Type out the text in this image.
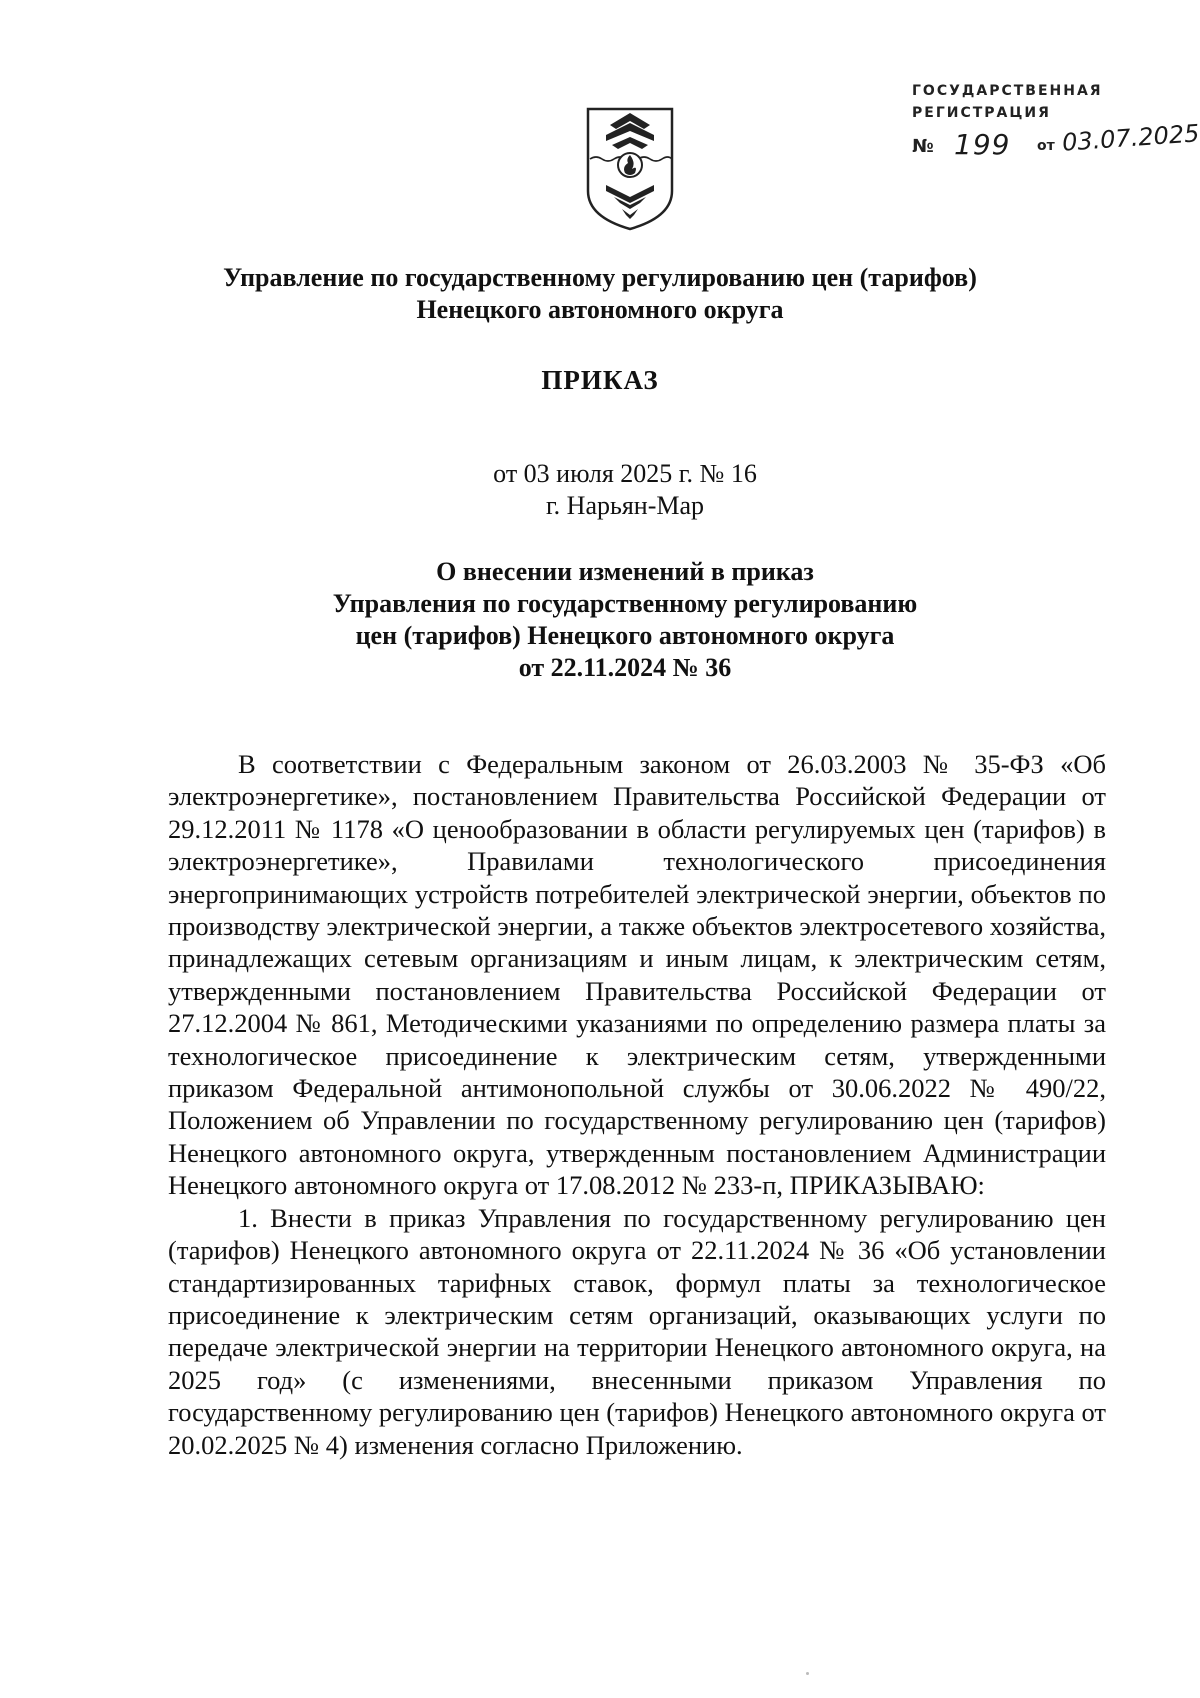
ГОСУДАРСТВЕННАЯ
РЕГИСТРАЦИЯ
№ 199 от 03.07.2025
Управление по государственному регулированию цен (тарифов)
Ненецкого автономного округа
ПРИКАЗ
от 03 июля 2025 г. № 16
г. Нарьян-Мар
О внесении изменений в приказ
Управления по государственному регулированию
цен (тарифов) Ненецкого автономного округа
от 22.11.2024 № 36

В соответствии с Федеральным законом от 26.03.2003 № 35-ФЗ «Об электроэнергетике», постановлением Правительства Российской Федерации от 29.12.2011 № 1178 «О ценообразовании в области регулируемых цен (тарифов) в электроэнергетике», Правилами технологического присоединения энергопринимающих устройств потребителей электрической энергии, объектов по производству электрической энергии, а также объектов электросетевого хозяйства, принадлежащих сетевым организациям и иным лицам, к электрическим сетям, утвержденными постановлением Правительства Российской Федерации от 27.12.2004 № 861, Методическими указаниями по определению размера платы за технологическое присоединение к электрическим сетям, утвержденными приказом Федеральной антимонопольной службы от 30.06.2022 № 490/22, Положением об Управлении по государственному регулированию цен (тарифов) Ненецкого автономного округа, утвержденным постановлением Администрации Ненецкого автономного округа от 17.08.2012 № 233-п, ПРИКАЗЫВАЮ:

1. Внести в приказ Управления по государственному регулированию цен (тарифов) Ненецкого автономного округа от 22.11.2024 № 36 «Об установлении стандартизированных тарифных ставок, формул платы за технологическое присоединение к электрическим сетям организаций, оказывающих услуги по передаче электрической энергии на территории Ненецкого автономного округа, на 2025 год» (с изменениями, внесенными приказом Управления по государственному регулированию цен (тарифов) Ненецкого автономного округа от 20.02.2025 № 4) изменения согласно Приложению.
